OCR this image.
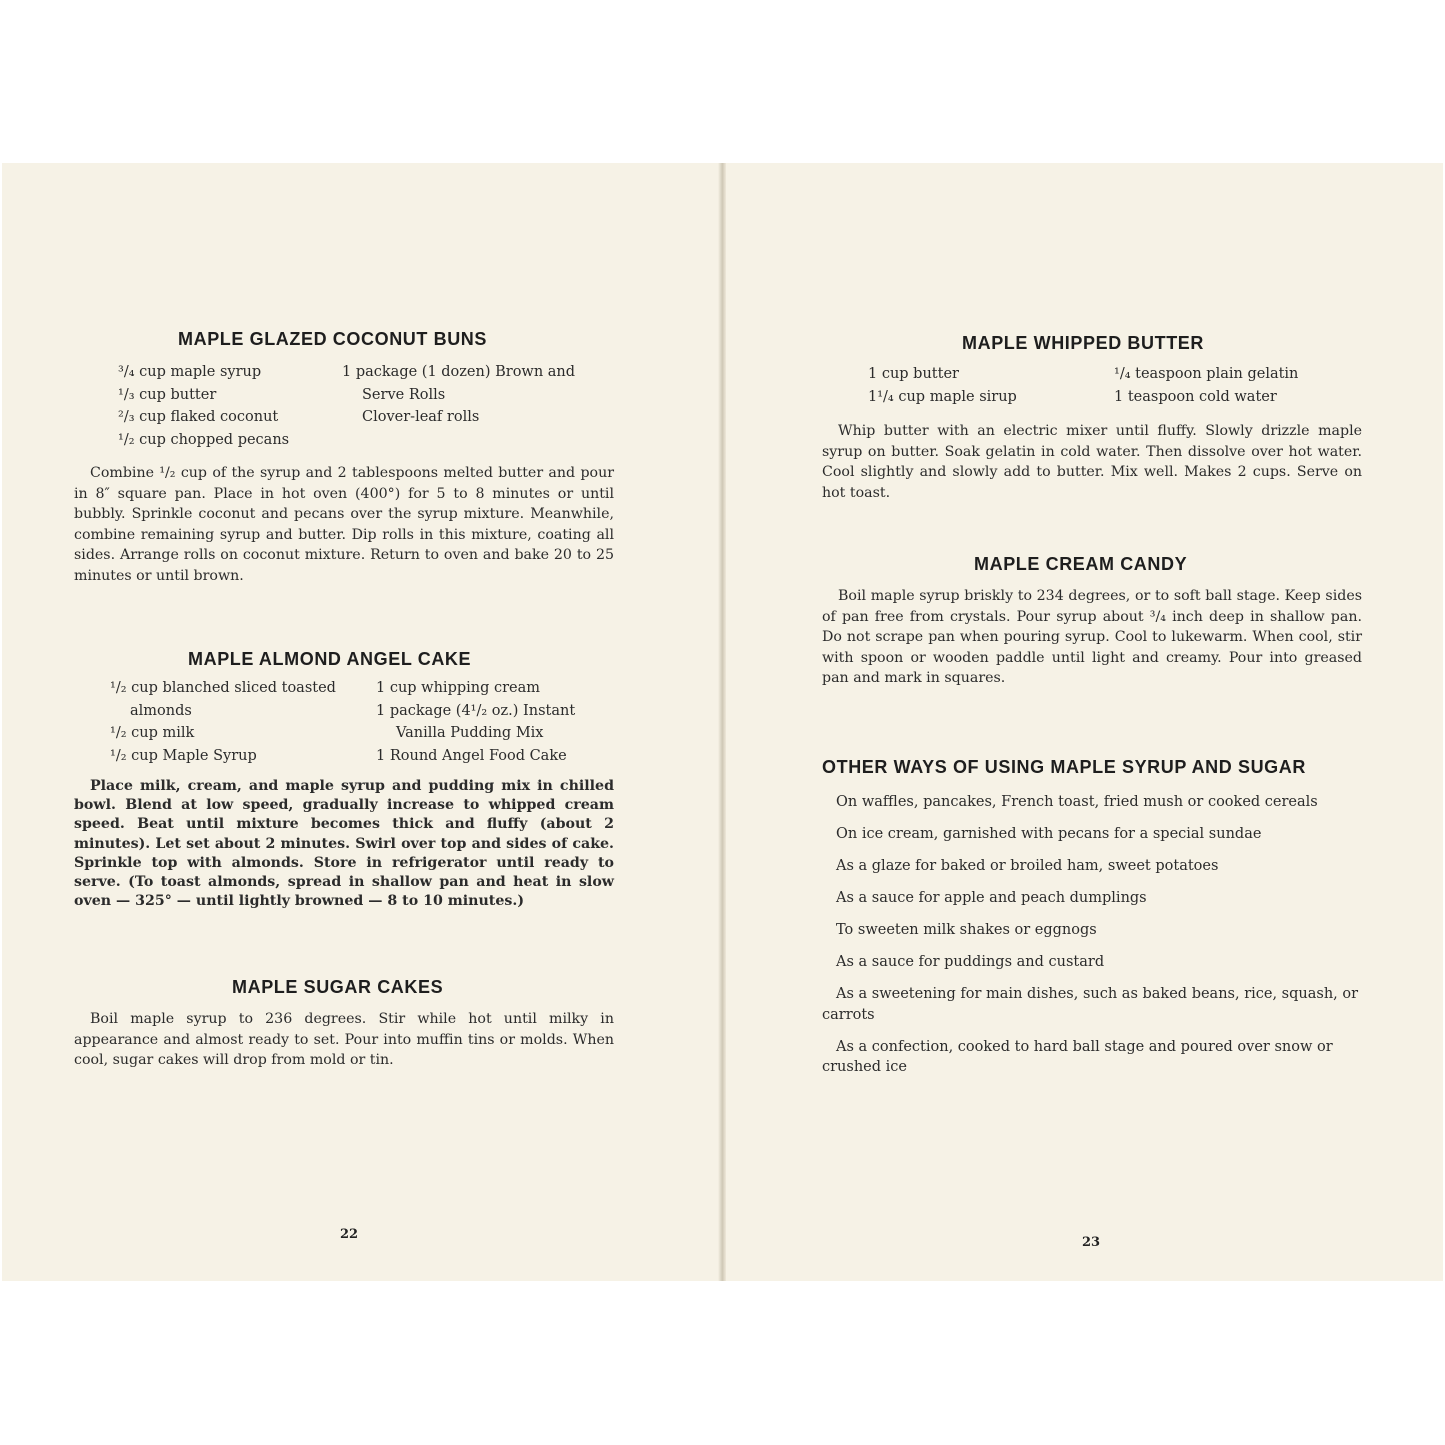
MAPLE GLAZED COCONUT BUNS
³/₄ cup maple syrup
¹/₃ cup butter
²/₃ cup flaked coconut
¹/₂ cup chopped pecans
1 package (1 dozen) Brown and
Serve Rolls
Clover-leaf rolls

Combine ¹/₂ cup of the syrup and 2 tablespoons melted butter and pour in 8″ square pan. Place in hot oven (400°) for 5 to 8 minutes or until bubbly. Sprinkle coconut and pecans over the syrup mixture. Meanwhile, combine remaining syrup and butter. Dip rolls in this mixture, coating all sides. Arrange rolls on coconut mixture. Return to oven and bake 20 to 25 minutes or until brown.

MAPLE ALMOND ANGEL CAKE
¹/₂ cup blanched sliced toasted
almonds
¹/₂ cup milk
¹/₂ cup Maple Syrup
1 cup whipping cream
1 package (4¹/₂ oz.) Instant
Vanilla Pudding Mix
1 Round Angel Food Cake

Place milk, cream, and maple syrup and pudding mix in chilled bowl. Blend at low speed, gradually increase to whipped cream speed. Beat until mixture becomes thick and fluffy (about 2 minutes). Let set about 2 minutes. Swirl over top and sides of cake. Sprinkle top with almonds. Store in refrigerator until ready to serve. (To toast almonds, spread in shallow pan and heat in slow oven — 325° — until lightly browned — 8 to 10 minutes.)

MAPLE SUGAR CAKES

Boil maple syrup to 236 degrees. Stir while hot until milky in appearance and almost ready to set. Pour into muffin tins or molds. When cool, sugar cakes will drop from mold or tin.

22
MAPLE WHIPPED BUTTER
1 cup butter
1¹/₄ cup maple sirup
¹/₄ teaspoon plain gelatin
1 teaspoon cold water

Whip butter with an electric mixer until fluffy. Slowly drizzle maple syrup on butter. Soak gelatin in cold water. Then dissolve over hot water. Cool slightly and slowly add to butter. Mix well. Makes 2 cups. Serve on hot toast.

MAPLE CREAM CANDY

Boil maple syrup briskly to 234 degrees, or to soft ball stage. Keep sides of pan free from crystals. Pour syrup about ³/₄ inch deep in shallow pan. Do not scrape pan when pouring syrup. Cool to lukewarm. When cool, stir with spoon or wooden paddle until light and creamy. Pour into greased pan and mark in squares.

OTHER WAYS OF USING MAPLE SYRUP AND SUGAR
On waffles, pancakes, French toast, fried mush or cooked cereals
On ice cream, garnished with pecans for a special sundae
As a glaze for baked or broiled ham, sweet potatoes
As a sauce for apple and peach dumplings
To sweeten milk shakes or eggnogs
As a sauce for puddings and custard
As a sweetening for main dishes, such as baked beans, rice, squash, or carrots
As a confection, cooked to hard ball stage and poured over snow or crushed ice
23
